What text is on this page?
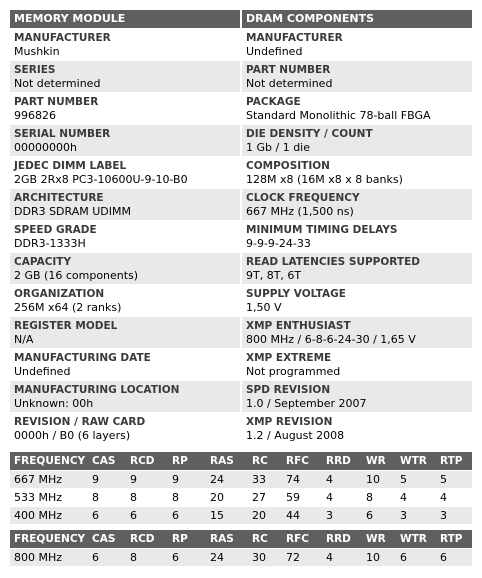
MEMORY MODULE
MANUFACTURER
Mushkin
SERIES
Not determined
PART NUMBER
996826
SERIAL NUMBER
00000000h
JEDEC DIMM LABEL
2GB 2Rx8 PC3-10600U-9-10-B0
ARCHITECTURE
DDR3 SDRAM UDIMM
SPEED GRADE
DDR3-1333H
CAPACITY
2 GB (16 components)
ORGANIZATION
256M x64 (2 ranks)
REGISTER MODEL
N/A
MANUFACTURING DATE
Undefined
MANUFACTURING LOCATION
Unknown: 00h
REVISION / RAW CARD
0000h / B0 (6 layers)
DRAM COMPONENTS
MANUFACTURER
Undefined
PART NUMBER
Not determined
PACKAGE
Standard Monolithic 78-ball FBGA
DIE DENSITY / COUNT
1 Gb / 1 die
COMPOSITION
128M x8 (16M x8 x 8 banks)
CLOCK FREQUENCY
667 MHz (1,500 ns)
MINIMUM TIMING DELAYS
9-9-9-24-33
READ LATENCIES SUPPORTED
9T, 8T, 6T
SUPPLY VOLTAGE
1,50 V
XMP ENTHUSIAST
800 MHz / 6-8-6-24-30 / 1,65 V
XMP EXTREME
Not programmed
SPD REVISION
1.0 / September 2007
XMP REVISION
1.2 / August 2008
FREQUENCY	CAS	RCD	RP	RAS	RC	RFC	RRD	WR	WTR	RTP
667 MHz	9	9	9	24	33	74	4	10	5	5
533 MHz	8	8	8	20	27	59	4	8	4	4
400 MHz	6	6	6	15	20	44	3	6	3	3
FREQUENCY	CAS	RCD	RP	RAS	RC	RFC	RRD	WR	WTR	RTP
800 MHz	6	8	6	24	30	72	4	10	6	6
